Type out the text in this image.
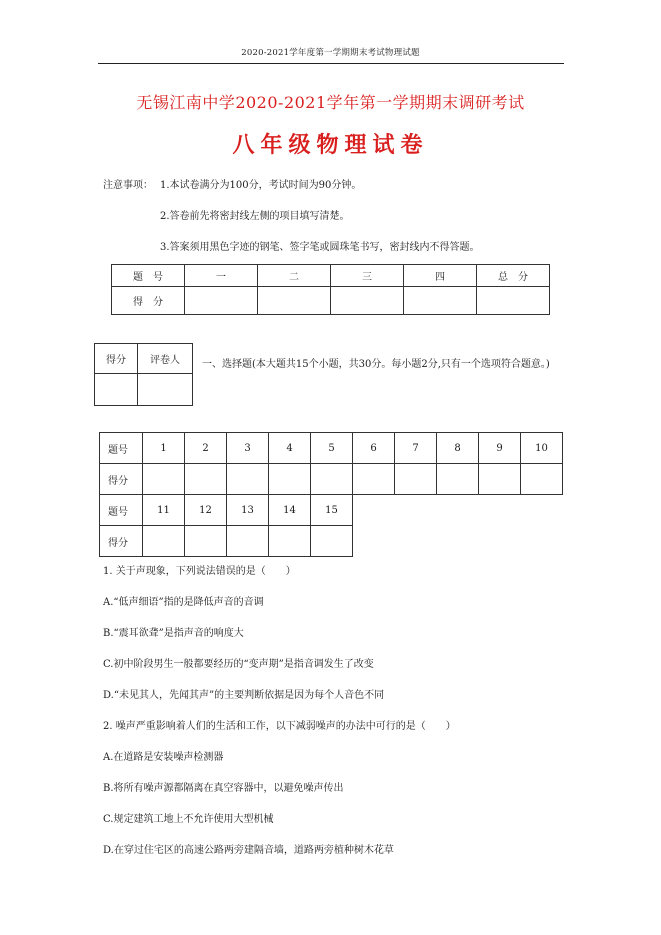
2020-2021学年度第一学期期末考试物理试题
无锡江南中学2020-2021学年第一学期期末调研考试
八年级物理试卷
注意事项： 1.本试卷满分为100分，考试时间为90分钟。
2.答卷前先将密封线左侧的项目填写清楚。
3.答案须用黑色字迹的钢笔、签字笔或圆珠笔书写，密封线内不得答题。
题　号	一	二	三	四	总　分
得　分					
得分	评卷人
	一、选择题(本大题共15个小题，共30分。每小题2分,只有一个选项符合题意。)
题号	1	2	3	4	5	6	7	8	9	10
得分										
题号	11	12	13	14	15					
得分										
1. 关于声现象，下列说法错误的是（　　）
A.“低声细语”指的是降低声音的音调
B.“震耳欲聋”是指声音的响度大
C.初中阶段男生一般都要经历的“变声期”是指音调发生了改变
D.“未见其人，先闻其声”的主要判断依据是因为每个人音色不同
2. 噪声严重影响着人们的生活和工作，以下减弱噪声的办法中可行的是（　　）
A.在道路是安装噪声检测器
B.将所有噪声源都隔离在真空容器中，以避免噪声传出
C.规定建筑工地上不允许使用大型机械
D.在穿过住宅区的高速公路两旁建隔音墙，道路两旁植种树木花草
